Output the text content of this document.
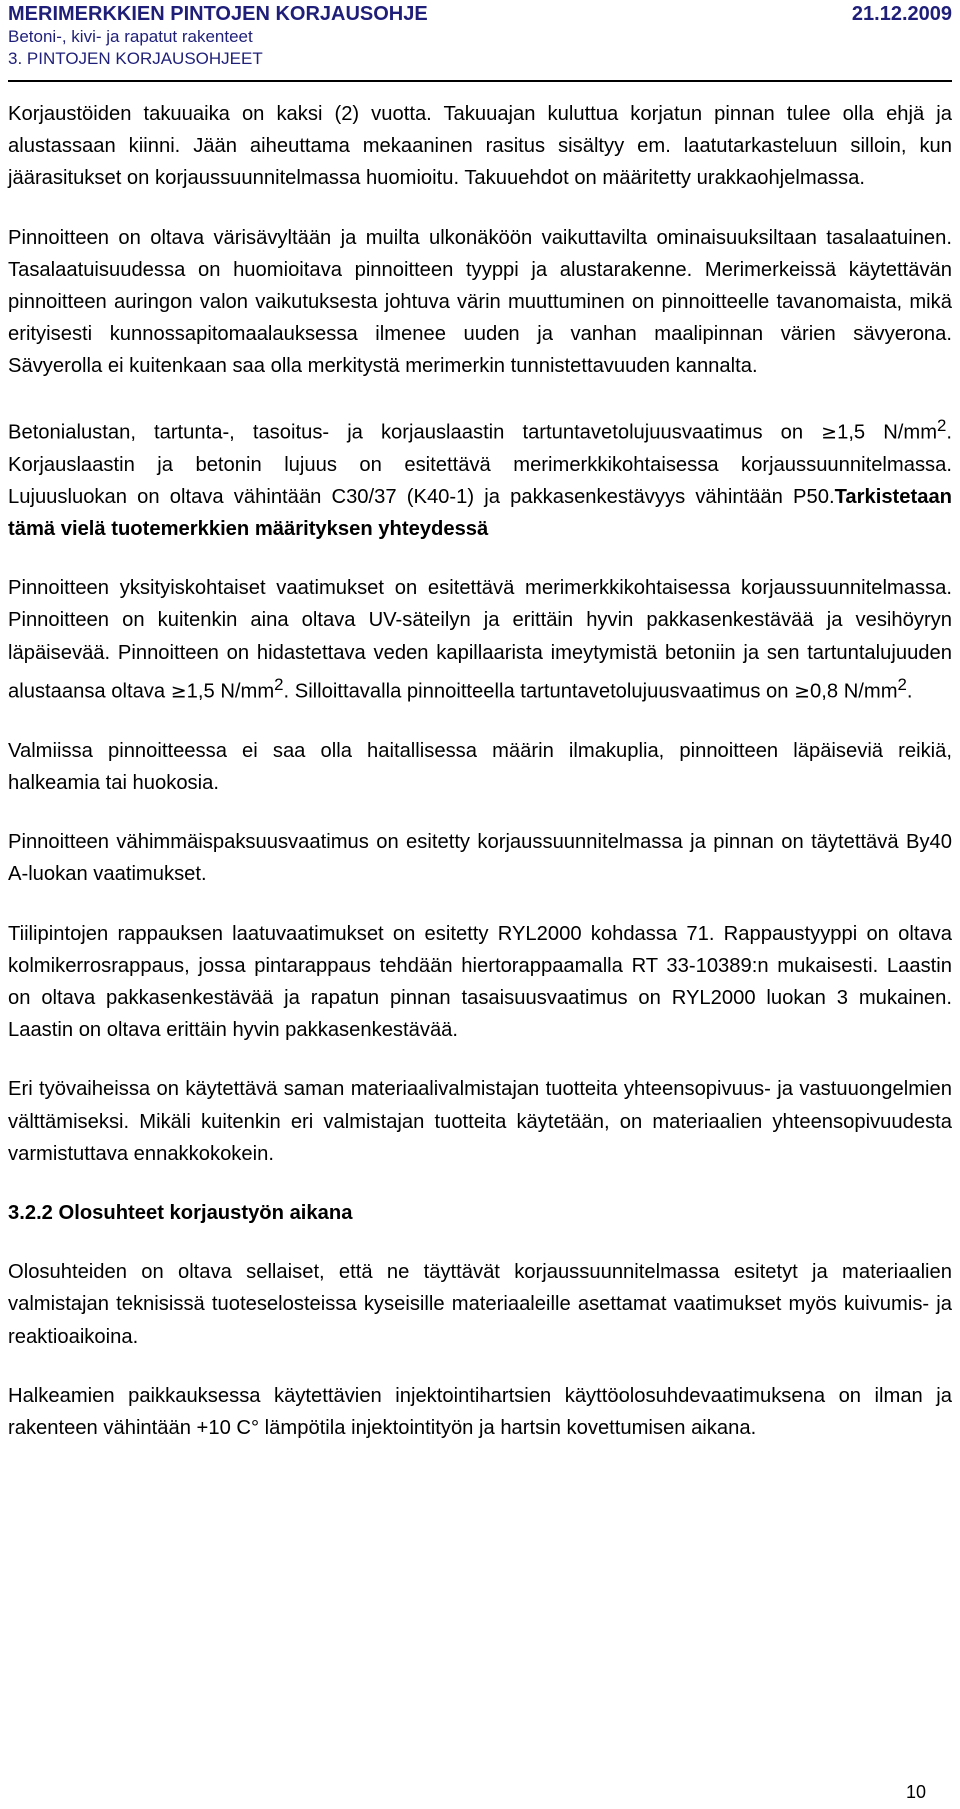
MERIMERKKIEN PINTOJEN KORJAUSOHJE	21.12.2009
Betoni-, kivi- ja rapatut rakenteet
3. PINTOJEN KORJAUSOHJEET

Korjaustöiden takuuaika on kaksi (2) vuotta. Takuuajan kuluttua korjatun pinnan tulee olla ehjä ja alustassaan kiinni. Jään aiheuttama mekaaninen rasitus sisältyy em. laatutarkasteluun silloin, kun jäärasitukset on korjaussuunnitelmassa huomioitu. Takuuehdot on määritetty urakkaohjelmassa.

Pinnoitteen on oltava värisävyltään ja muilta ulkonäköön vaikuttavilta ominaisuuksiltaan tasalaatuinen. Tasalaatuisuudessa on huomioitava pinnoitteen tyyppi ja alustarakenne. Merimerkeissä käytettävän pinnoitteen auringon valon vaikutuksesta johtuva värin muuttuminen on pinnoitteelle tavanomaista, mikä erityisesti kunnossapitomaalauksessa ilmenee uuden ja vanhan maalipinnan värien sävyerona. Sävyerolla ei kuitenkaan saa olla merkitystä merimerkin tunnistettavuuden kannalta.

Betonialustan, tartunta-, tasoitus- ja korjauslaastin tartuntavetolujuusvaatimus on ≥1,5 $N/mm^2$. Korjauslaastin ja betonin lujuus on esitettävä merimerkkikohtaisessa korjaussuunnitelmassa. Lujuusluokan on oltava vähintään C30/37 (K40-1) ja pakkasenkestävyys vähintään P50.Tarkistetaan tämä vielä tuotemerkkien määrityksen yhteydessä

Pinnoitteen yksityiskohtaiset vaatimukset on esitettävä merimerkkikohtaisessa korjaussuunnitelmassa. Pinnoitteen on kuitenkin aina oltava UV-säteilyn ja erittäin hyvin pakkasenkestävää ja vesihöyryn läpäisevää. Pinnoitteen on hidastettava veden kapillaarista imeytymistä betoniin ja sen tartuntalujuuden alustaansa oltava ≥1,5 $N/mm^2$. Silloittavalla pinnoitteella tartuntavetolujuusvaatimus on ≥0,8 $N/mm^2$.

Valmiissa pinnoitteessa ei saa olla haitallisessa määrin ilmakuplia, pinnoitteen läpäiseviä reikiä, halkeamia tai huokosia.

Pinnoitteen vähimmäispaksuusvaatimus on esitetty korjaussuunnitelmassa ja pinnan on täytettävä By40 A-luokan vaatimukset.

Tiilipintojen rappauksen laatuvaatimukset on esitetty RYL2000 kohdassa 71. Rappaustyyppi on oltava kolmikerrosrappaus, jossa pintarappaus tehdään hiertorappaamalla RT 33-10389:n mukaisesti. Laastin on oltava pakkasenkestävää ja rapatun pinnan tasaisuusvaatimus on RYL2000 luokan 3 mukainen. Laastin on oltava erittäin hyvin pakkasenkestävää.

Eri työvaiheissa on käytettävä saman materiaalivalmistajan tuotteita yhteensopivuus- ja vastuuongelmien välttämiseksi. Mikäli kuitenkin eri valmistajan tuotteita käytetään, on materiaalien yhteensopivuudesta varmistuttava ennakkokokein.

3.2.2 Olosuhteet korjaustyön aikana

Olosuhteiden on oltava sellaiset, että ne täyttävät korjaussuunnitelmassa esitetyt ja materiaalien valmistajan teknisissä tuoteselosteissa kyseisille materiaaleille asettamat vaatimukset myös kuivumis- ja reaktioaikoina.

Halkeamien paikkauksessa käytettävien injektointihartsien käyttöolosuhdevaatimuksena on ilman ja rakenteen vähintään +10 C° lämpötila injektointityön ja hartsin kovettumisen aikana.

10
